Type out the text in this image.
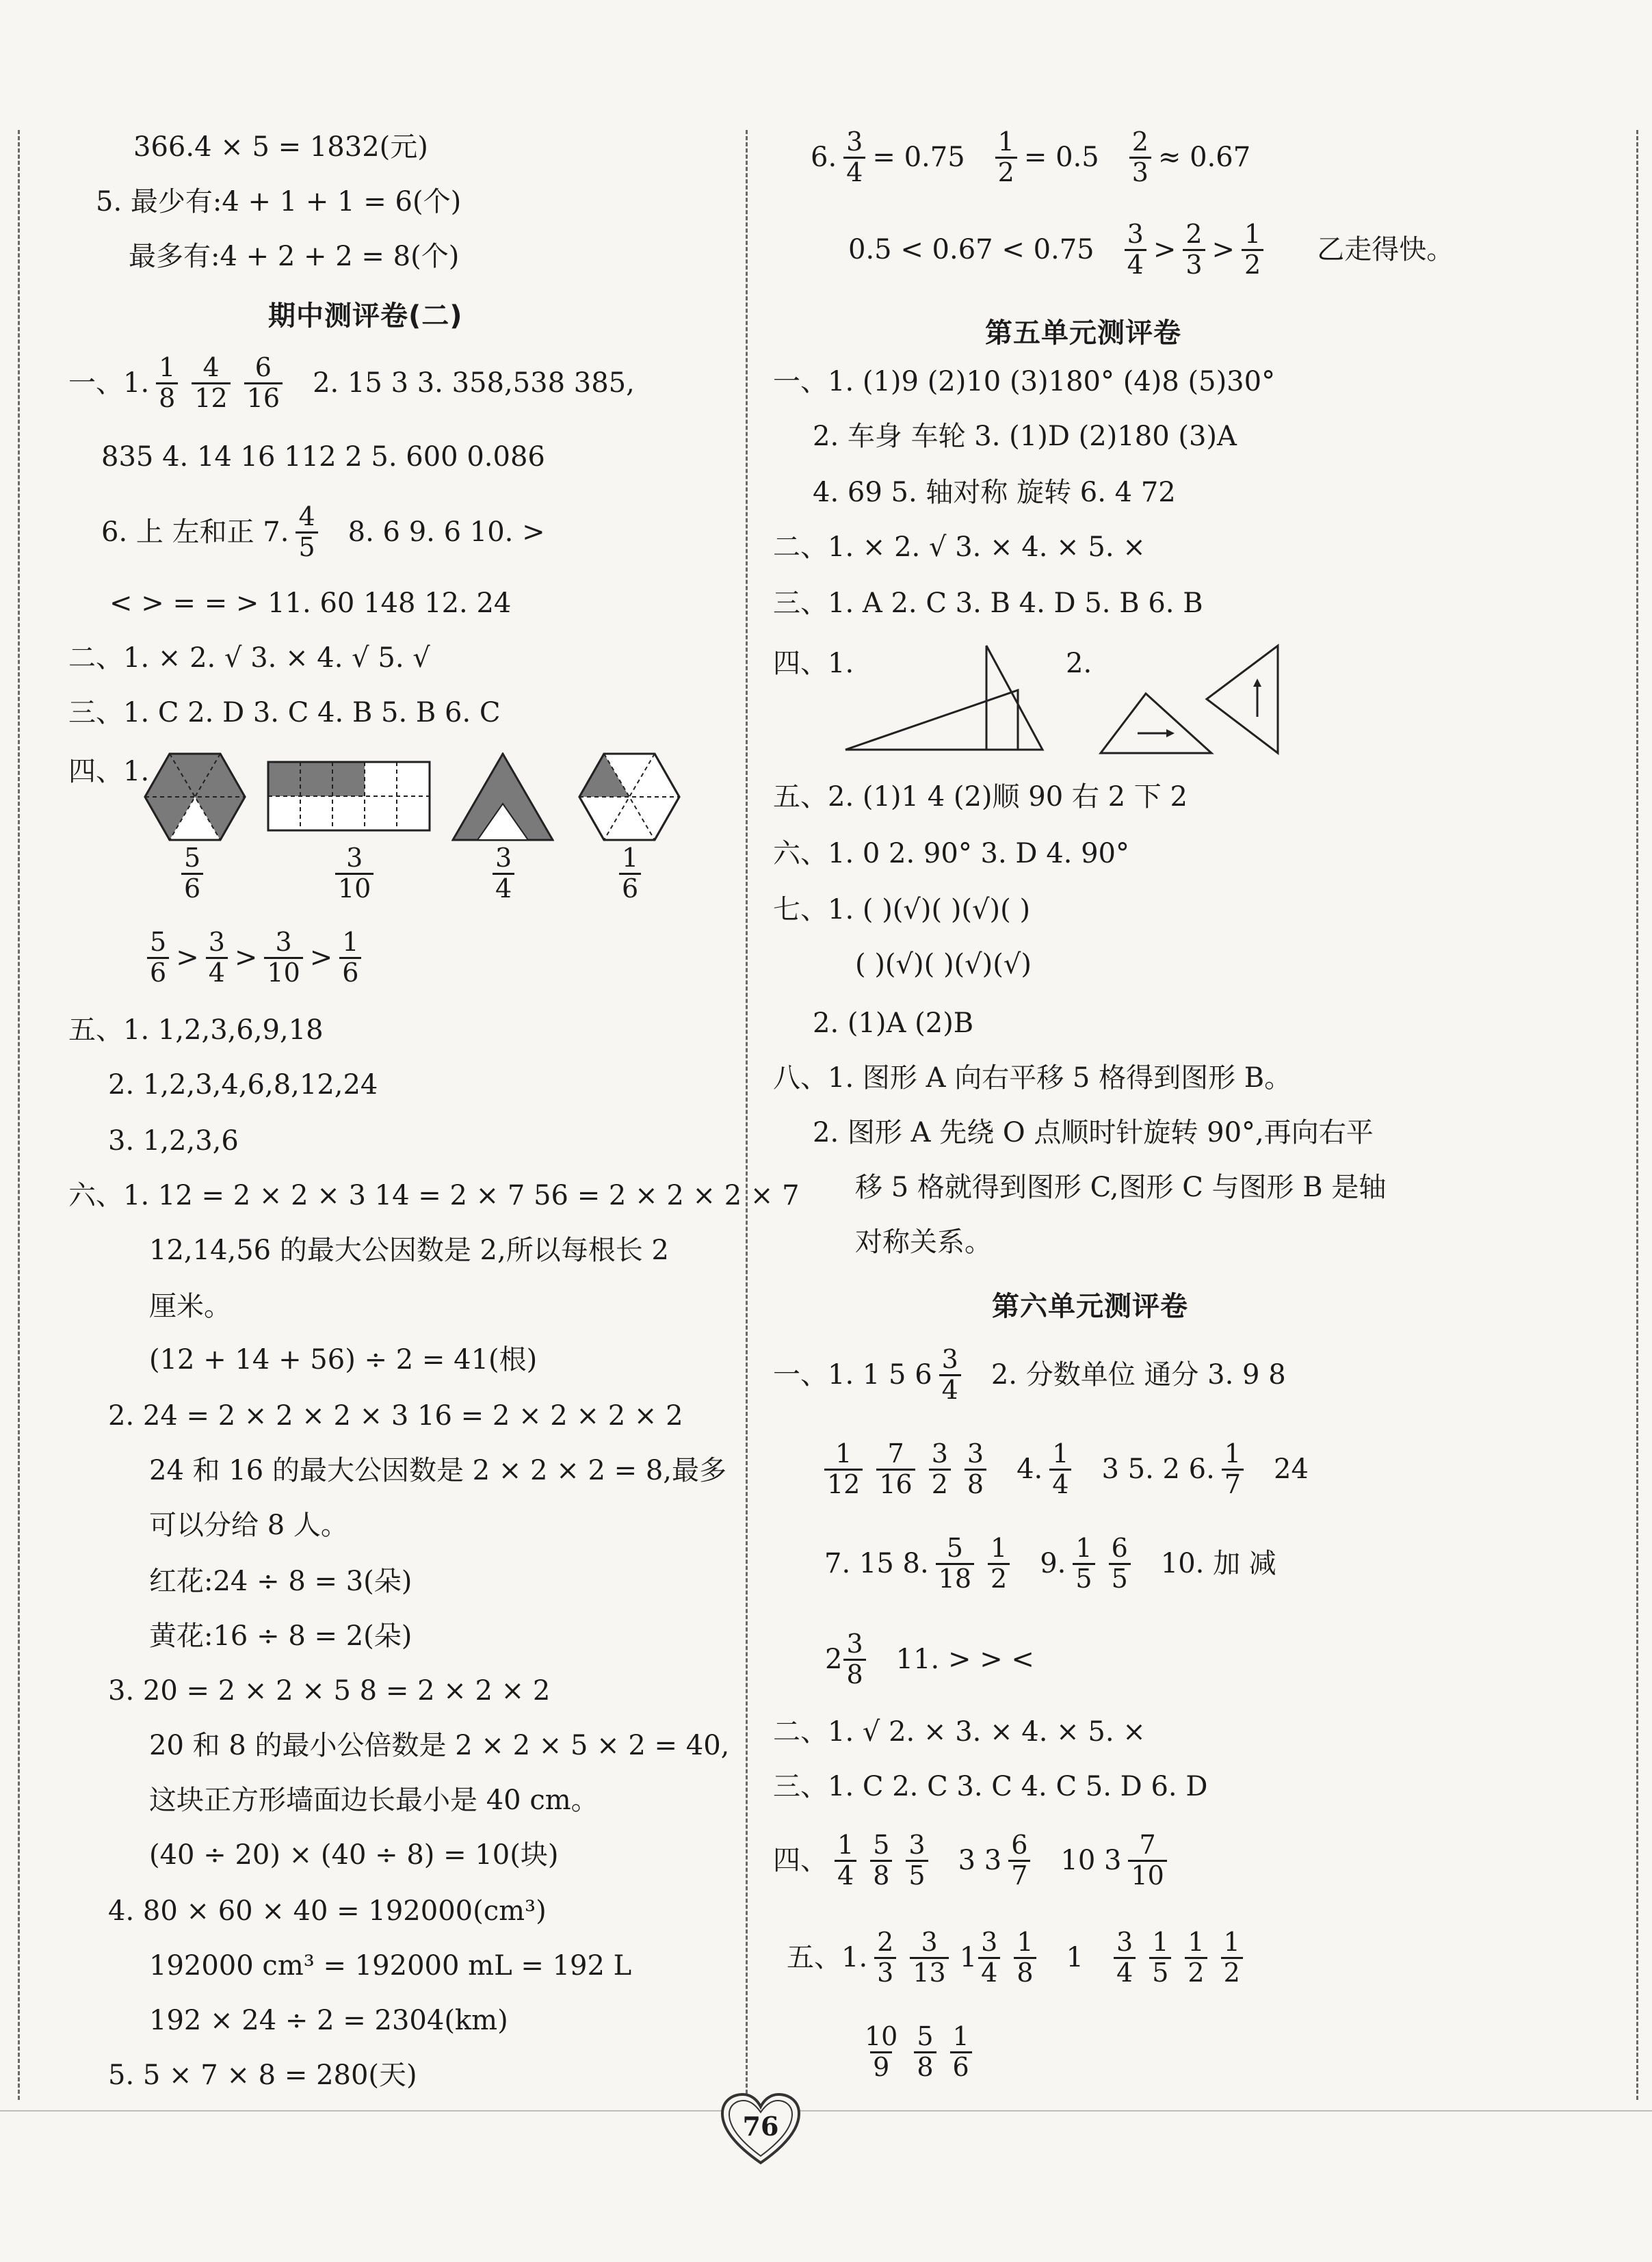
366.4 × 5 = 1832(元)
5. 最少有:4 + 1 + 1 = 6(个)
最多有:4 + 2 + 2 = 8(个)
期中测评卷(二)
一、1. $\frac{1}{8} \frac{4}{12} \frac{6}{16} 2$. 15 3 3. 358,538 385,
835 4. 14 16 112 2 5. 600 0.086
6. 上 左和正 7. $\frac{4}{5} 8$. 6 9. 6 10. >
< > = = > 11. 60 148 12. 24
二、1. × 2. √ 3. × 4. √ 5. √
三、1. C 2. D 3. C 4. B 5. B 6. C
四、1.
$\frac{5}{6}$	$\frac{3}{10}$	$\frac{3}{4}$	$\frac{1}{6}$
$\frac{5}{6} > \frac{3}{4} > \frac{3}{10} > \frac{1}{6}$
五、1. 1,2,3,6,9,18
2. 1,2,3,4,6,8,12,24
3. 1,2,3,6
六、1. 12 = 2 × 2 × 3 14 = 2 × 7 56 = 2 × 2 × 2 × 7
12,14,56 的最大公因数是 2,所以每根长 2
厘米。
(12 + 14 + 56) ÷ 2 = 41(根)
2. 24 = 2 × 2 × 2 × 3 16 = 2 × 2 × 2 × 2
24 和 16 的最大公因数是 2 × 2 × 2 = 8,最多
可以分给 8 人。
红花:24 ÷ 8 = 3(朵)
黄花:16 ÷ 8 = 2(朵)
3. 20 = 2 × 2 × 5 8 = 2 × 2 × 2
20 和 8 的最小公倍数是 2 × 2 × 5 × 2 = 40,
这块正方形墙面边长最小是 40 cm。
(40 ÷ 20) × (40 ÷ 8) = 10(块)
4. 80 × 60 × 40 = 192000(cm³)
192000 cm³ = 192000 mL = 192 L
192 × 24 ÷ 2 = 2304(km)
5. 5 × 7 × 8 = 280(天)
6. $\frac{3}{4} = 0.75 \frac{1}{2} = 0.5 \frac{2}{3} \approx 0.67$
$0.5 < 0.67 < 0.75 \frac{3}{4} > \frac{2}{3} > \frac{1}{2}$ 乙走得快。
第五单元测评卷
一、1. (1)9 (2)10 (3)180° (4)8 (5)30°
2. 车身 车轮 3. (1)D (2)180 (3)A
4. 69 5. 轴对称 旋转 6. 4 72
二、1. × 2. √ 3. × 4. × 5. ×
三、1. A 2. C 3. B 4. D 5. B 6. B
四、1.	2.
五、2. (1)1 4 (2)顺 90 右 2 下 2
六、1. 0 2. 90° 3. D 4. 90°
七、1. ( )(√)( )(√)( )
( )(√)( )(√)(√)
2. (1)A (2)B
八、1. 图形 A 向右平移 5 格得到图形 B。
2. 图形 A 先绕 O 点顺时针旋转 90°,再向右平
移 5 格就得到图形 C,图形 C 与图形 B 是轴
对称关系。
第六单元测评卷
一、1. 1 5 $6 \frac{3}{4} 2$. 分数单位 通分 3. 9 8
$\frac{1}{12} \frac{7}{16} \frac{3}{2} \frac{3}{8} 4$. $\frac{1}{4} 3$ 5. 2 6. $\frac{1}{7} 24$
7. 15 8. $\frac{5}{18} \frac{1}{2} 9$. $\frac{1}{5} \frac{6}{5} 10$. 加 减
$2 \frac{3}{8} 11$. > > <
二、1. √ 2. × 3. × 4. × 5. ×
三、1. C 2. C 3. C 4. C 5. D 6. D
四、 $\frac{1}{4} \frac{5}{8} \frac{3}{5} 3$ $3 \frac{6}{7} 10$ $3 \frac{7}{10}$
五、1. $\frac{2}{3} \frac{3}{13} 1 \frac{3}{4} \frac{1}{8} 1 \frac{3}{4} \frac{1}{5} \frac{1}{2} \frac{1}{2}$
$\frac{10}{9} \frac{5}{8} \frac{1}{6}$
76
